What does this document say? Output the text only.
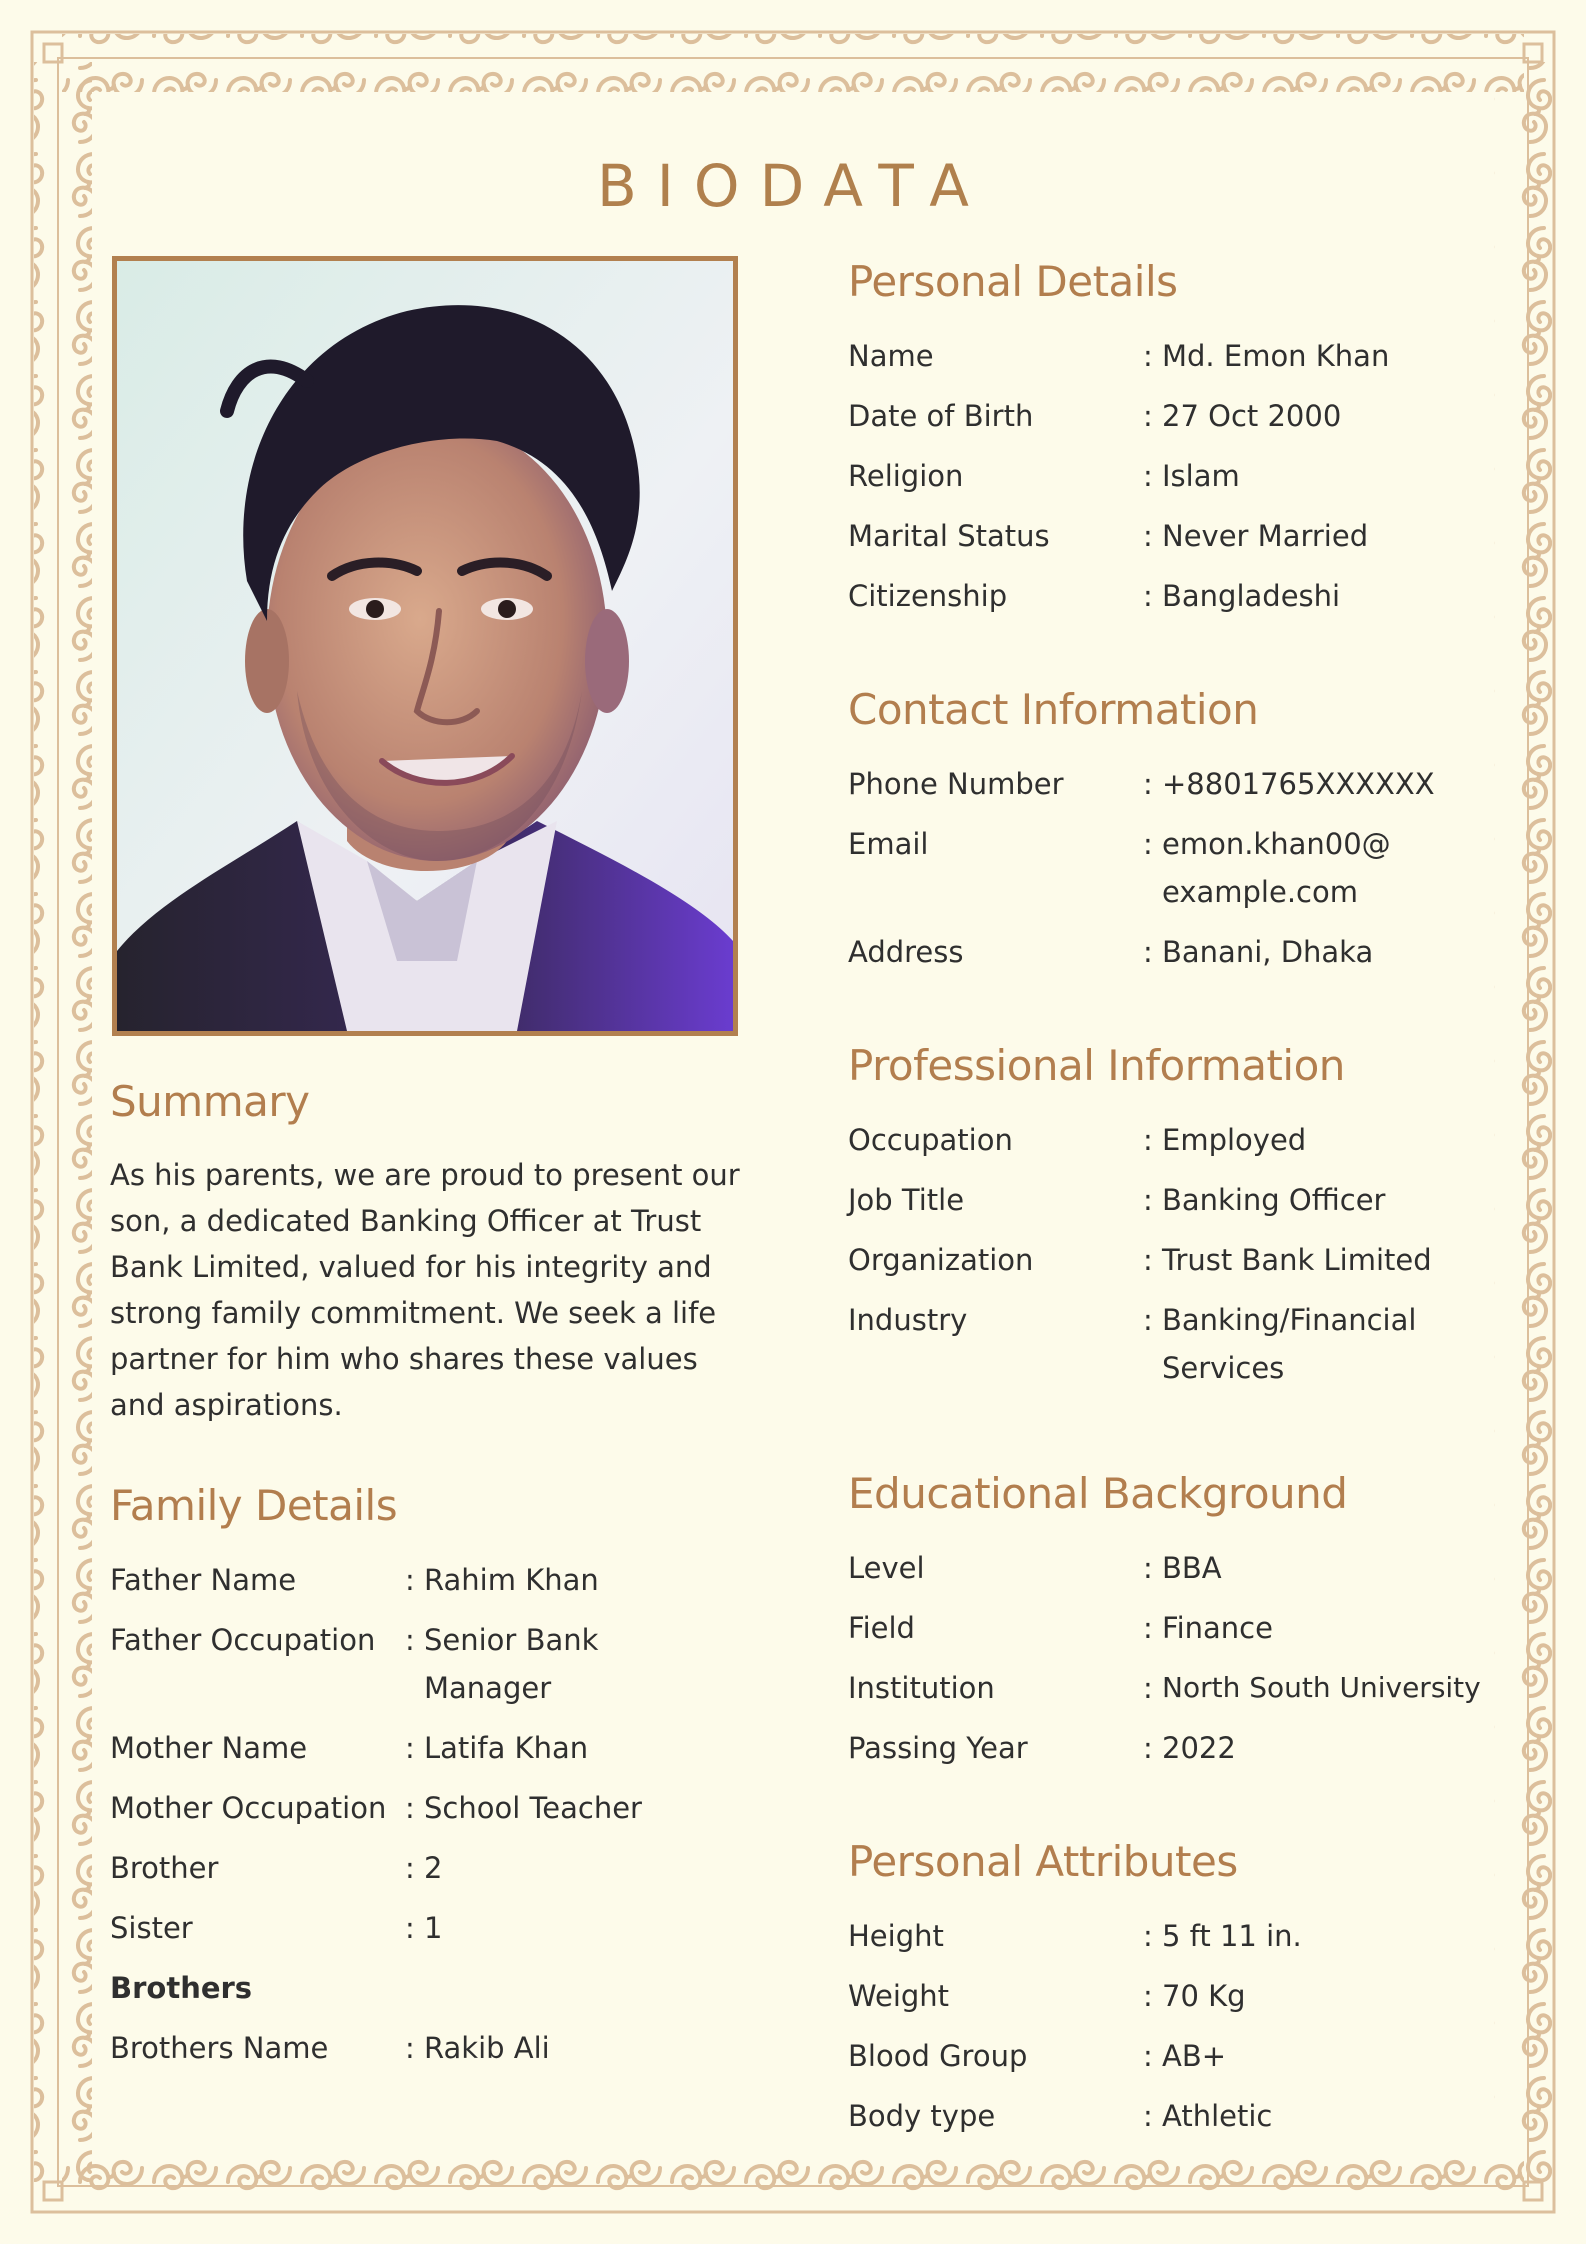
BIODATA
Summary
As his parents, we are proud to present our son, a dedicated Banking Officer at Trust Bank Limited, valued for his integrity and strong family commitment. We seek a life partner for him who shares these values and aspirations.
Family Details
Father Name	: Rahim Khan
Father Occupation	: Senior Bank Manager
Mother Name	: Latifa Khan
Mother Occupation : School Teacher
Brother	: 2
Sister	: 1
Brothers
Brothers Name	: Rakib Ali
Personal Details
Name	: Md. Emon Khan
Date of Birth	: 27 Oct 2000
Religion	: Islam
Marital Status	: Never Married
Citizenship	: Bangladeshi
Contact Information
Phone Number	: +8801765XXXXXX
Email	: emon.khan00@ example.com
Address	: Banani, Dhaka
Professional Information
Occupation	: Employed
Job Title	: Banking Officer
Organization	: Trust Bank Limited
Industry	: Banking/Financial Services
Educational Background
Level	: BBA
Field	: Finance
Institution	: North South University
Passing Year	: 2022
Personal Attributes
Height	: 5 ft 11 in.
Weight	: 70 Kg
Blood Group	: AB+
Body type	: Athletic
